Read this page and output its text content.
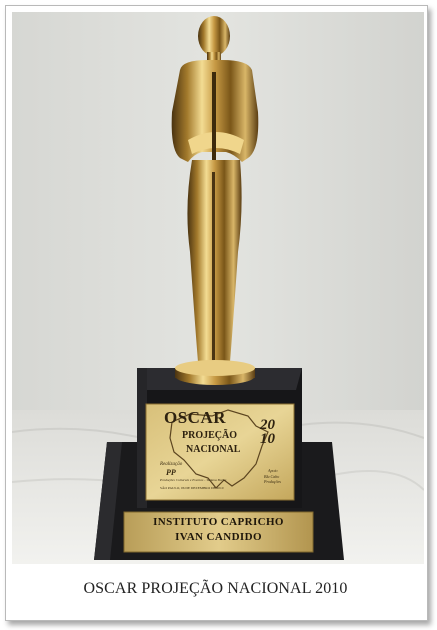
OSCAR
PROJEÇÃO
NACIONAL
2010
Realização
PP
Produções Culturais e Eventos - Tatiana Borba
SÃO PAULO, 06 DE DEZEMBRO DE 2010
Apoio
Blu Cabo Produções
INSTITUTO CAPRICHO
IVAN CANDIDO
OSCAR PROJEÇÃO NACIONAL 2010
